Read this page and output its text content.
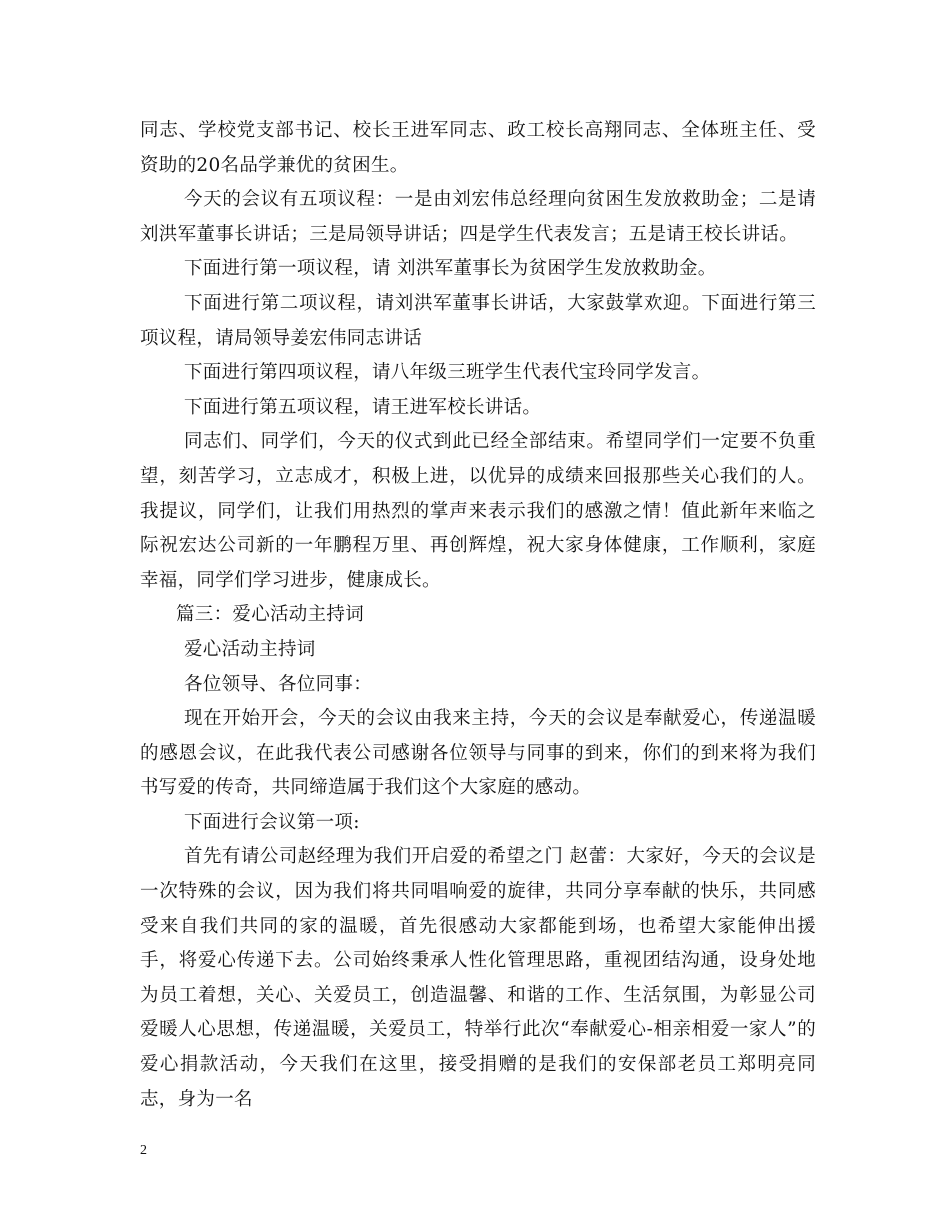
同志、学校党支部书记、校长王进军同志、政工校长高翔同志、全体班主任、受资助的20名品学兼优的贫困生。

今天的会议有五项议程：一是由刘宏伟总经理向贫困生发放救助金；二是请刘洪军董事长讲话；三是局领导讲话；四是学生代表发言；五是请王校长讲话。

下面进行第一项议程，请 刘洪军董事长为贫困学生发放救助金。

下面进行第二项议程，请刘洪军董事长讲话，大家鼓掌欢迎。下面进行第三项议程，请局领导姜宏伟同志讲话

下面进行第四项议程，请八年级三班学生代表代宝玲同学发言。

下面进行第五项议程，请王进军校长讲话。

同志们、同学们，今天的仪式到此已经全部结束。希望同学们一定要不负重望，刻苦学习，立志成才，积极上进，以优异的成绩来回报那些关心我们的人。我提议，同学们，让我们用热烈的掌声来表示我们的感激之情！值此新年来临之际祝宏达公司新的一年鹏程万里、再创辉煌，祝大家身体健康，工作顺利，家庭幸福，同学们学习进步，健康成长。

篇三：爱心活动主持词

爱心活动主持词

各位领导、各位同事：

现在开始开会，今天的会议由我来主持，今天的会议是奉献爱心，传递温暖的感恩会议，在此我代表公司感谢各位领导与同事的到来，你们的到来将为我们书写爱的传奇，共同缔造属于我们这个大家庭的感动。

下面进行会议第一项:

首先有请公司赵经理为我们开启爱的希望之门 赵蕾：大家好，今天的会议是一次特殊的会议，因为我们将共同唱响爱的旋律，共同分享奉献的快乐，共同感受来自我们共同的家的温暖，首先很感动大家都能到场，也希望大家能伸出援手，将爱心传递下去。公司始终秉承人性化管理思路，重视团结沟通，设身处地为员工着想，关心、关爱员工，创造温馨、和谐的工作、生活氛围，为彰显公司爱暖人心思想，传递温暖，关爱员工，特举行此次“奉献爱心-相亲相爱一家人”的爱心捐款活动，今天我们在这里，接受捐赠的是我们的安保部老员工郑明亮同志，身为一名

2
